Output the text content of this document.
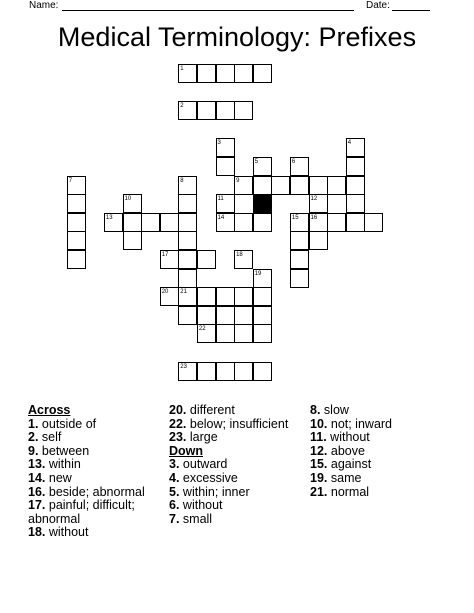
Name:	Date:
Medical Terminology: Prefixes
1
2
3	4
5	6
7	8	9
10	11	12
13	14	15 16
17	18
19
20 21
22
23
Across
1. outside of
2. self
9. between
13. within
14. new
16. beside; abnormal
17. painful; difficult; abnormal
18. without
20. different
22. below; insufficient
23. large
Down
3. outward
4. excessive
5. within; inner
6. without
7. small
8. slow
10. not; inward
11. without
12. above
15. against
19. same
21. normal
